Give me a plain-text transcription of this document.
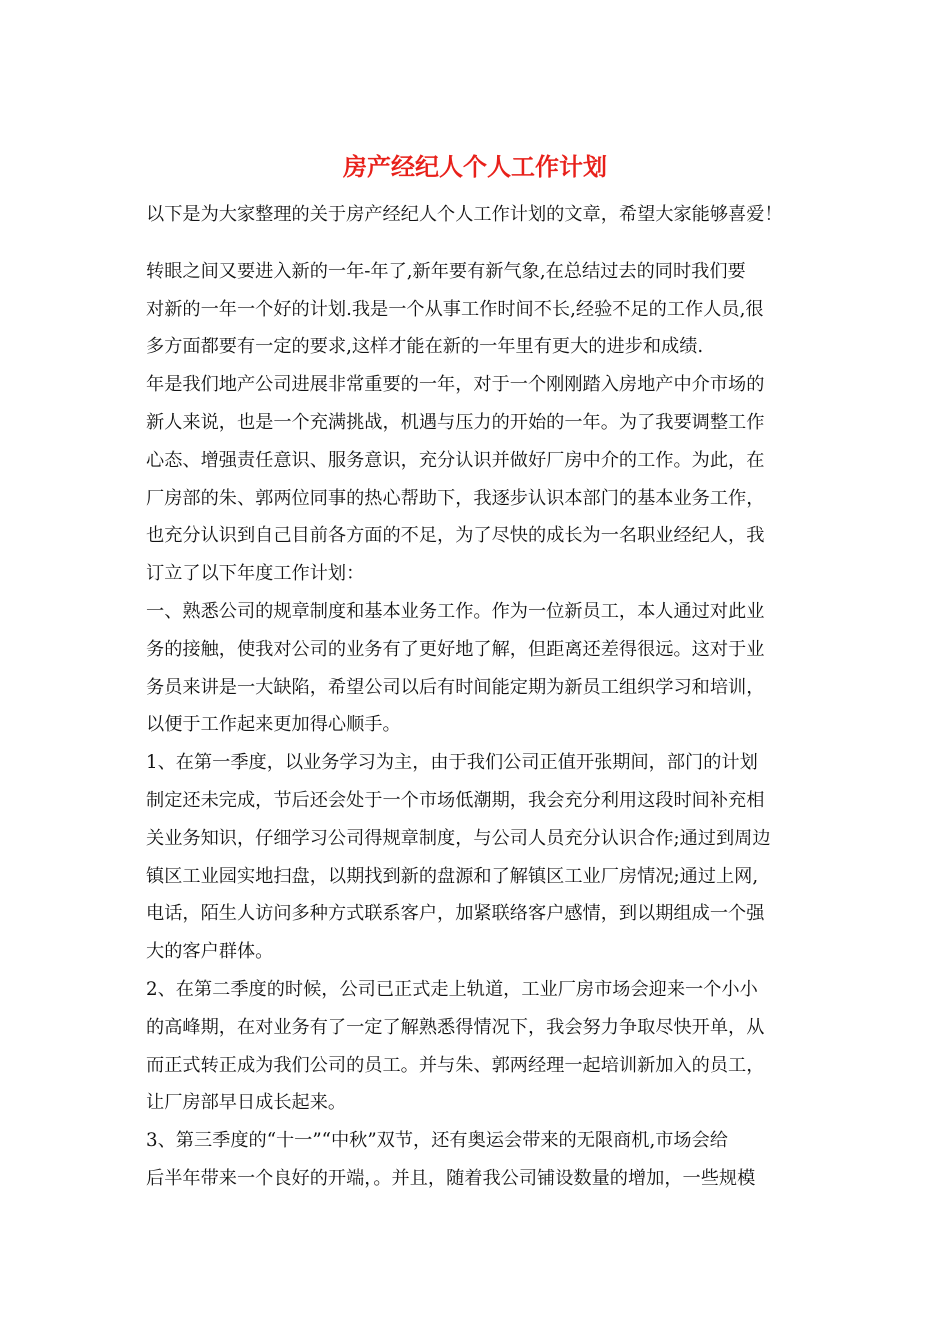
房产经纪人个人工作计划
以下是为大家整理的关于房产经纪人个人工作计划的文章，希望大家能够喜爱！
转眼之间又要进入新的一年-年了,新年要有新气象,在总结过去的同时我们要
对新的一年一个好的计划.我是一个从事工作时间不长,经验不足的工作人员,很
多方面都要有一定的要求,这样才能在新的一年里有更大的进步和成绩.
年是我们地产公司进展非常重要的一年，对于一个刚刚踏入房地产中介市场的
新人来说，也是一个充满挑战，机遇与压力的开始的一年。为了我要调整工作
心态、增强责任意识、服务意识，充分认识并做好厂房中介的工作。为此，在
厂房部的朱、郭两位同事的热心帮助下，我逐步认识本部门的基本业务工作，
也充分认识到自己目前各方面的不足，为了尽快的成长为一名职业经纪人，我
订立了以下年度工作计划：
一、熟悉公司的规章制度和基本业务工作。作为一位新员工，本人通过对此业
务的接触，使我对公司的业务有了更好地了解，但距离还差得很远。这对于业
务员来讲是一大缺陷，希望公司以后有时间能定期为新员工组织学习和培训，
以便于工作起来更加得心顺手。
1、在第一季度，以业务学习为主，由于我们公司正值开张期间，部门的计划
制定还未完成，节后还会处于一个市场低潮期，我会充分利用这段时间补充相
关业务知识，仔细学习公司得规章制度，与公司人员充分认识合作;通过到周边
镇区工业园实地扫盘，以期找到新的盘源和了解镇区工业厂房情况;通过上网,
电话，陌生人访问多种方式联系客户，加紧联络客户感情，到以期组成一个强
大的客户群体。
2、在第二季度的时候，公司已正式走上轨道，工业厂房市场会迎来一个小小
的高峰期，在对业务有了一定了解熟悉得情况下，我会努力争取尽快开单，从
而正式转正成为我们公司的员工。并与朱、郭两经理一起培训新加入的员工，
让厂房部早日成长起来。
3、第三季度的“十一”“中秋”双节，还有奥运会带来的无限商机,市场会给
后半年带来一个良好的开端，。并且，随着我公司铺设数量的增加，一些规模
